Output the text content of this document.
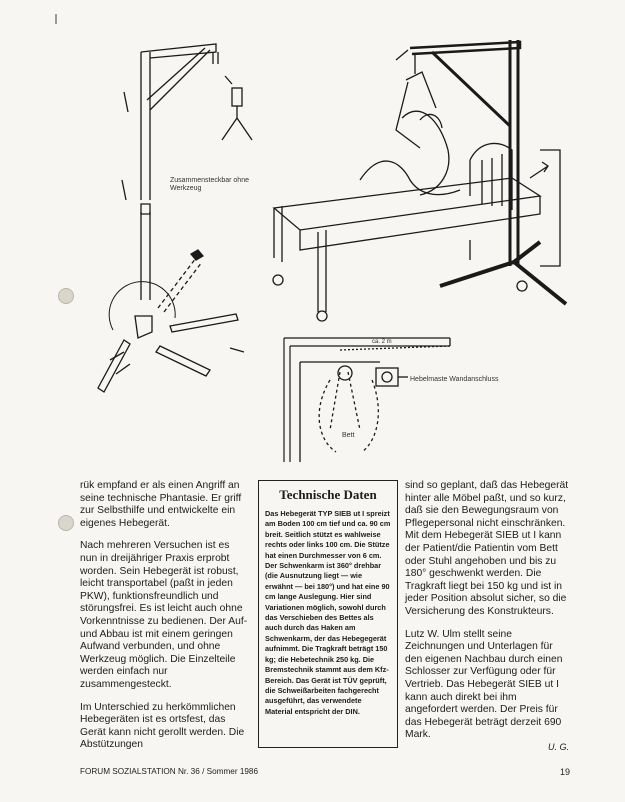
Zusammensteckbar ohne Werkzeug
ca. 2 m
Hebelmaste Wandanschluss
Bett

rük empfand er als einen Angriff an seine technische Phantasie. Er griff zur Selbsthilfe und entwickelte ein eigenes Hebegerät.

Nach mehreren Versuchen ist es nun in dreijähriger Praxis erprobt worden. Sein Hebegerät ist robust, leicht transportabel (paßt in jeden PKW), funktionsfreundlich und störungsfrei. Es ist leicht auch ohne Vorkenntnisse zu bedienen. Der Auf- und Abbau ist mit einem geringen Aufwand verbunden, und ohne Werkzeug möglich. Die Einzelteile werden einfach nur zusammengesteckt.

Im Unterschied zu herkömmlichen Hebegeräten ist es ortsfest, das Gerät kann nicht gerollt werden. Die Abstützungen

Technische Daten
Das Hebegerät TYP SIEB ut I spreizt am Boden 100 cm tief und ca. 90 cm breit. Seitlich stützt es wahlweise rechts oder links 100 cm. Die Stütze hat einen Durchmesser von 6 cm. Der Schwenkarm ist 360° drehbar (die Ausnutzung liegt — wie erwähnt — bei 180°) und hat eine 90 cm lange Auslegung. Hier sind Variationen möglich, sowohl durch das Verschieben des Bettes als auch durch das Haken am Schwenkarm, der das Hebegegerät aufnimmt. Die Tragkraft beträgt 150 kg; die Hebetechnik 250 kg. Die Bremstechnik stammt aus dem Kfz-Bereich. Das Gerät ist TÜV geprüft, die Schweißarbeiten fachgerecht ausgeführt, das verwendete Material entspricht der DIN.

sind so geplant, daß das Hebegerät hinter alle Möbel paßt, und so kurz, daß sie den Bewegungsraum von Pflegepersonal nicht einschränken. Mit dem Hebegerät SIEB ut I kann der Patient/die Patientin vom Bett oder Stuhl angehoben und bis zu 180° geschwenkt werden. Die Tragkraft liegt bei 150 kg und ist in jeder Position absolut sicher, so die Versicherung des Konstrukteurs.

Lutz W. Ulm stellt seine Zeichnungen und Unterlagen für den eigenen Nachbau durch einen Schlosser zur Verfügung oder für Vertrieb. Das Hebegerät SIEB ut I kann auch direkt bei ihm angefordert werden. Der Preis für das Hebegerät beträgt derzeit 690 Mark.

U. G.
FORUM SOZIALSTATION Nr. 36 / Sommer 1986	19
